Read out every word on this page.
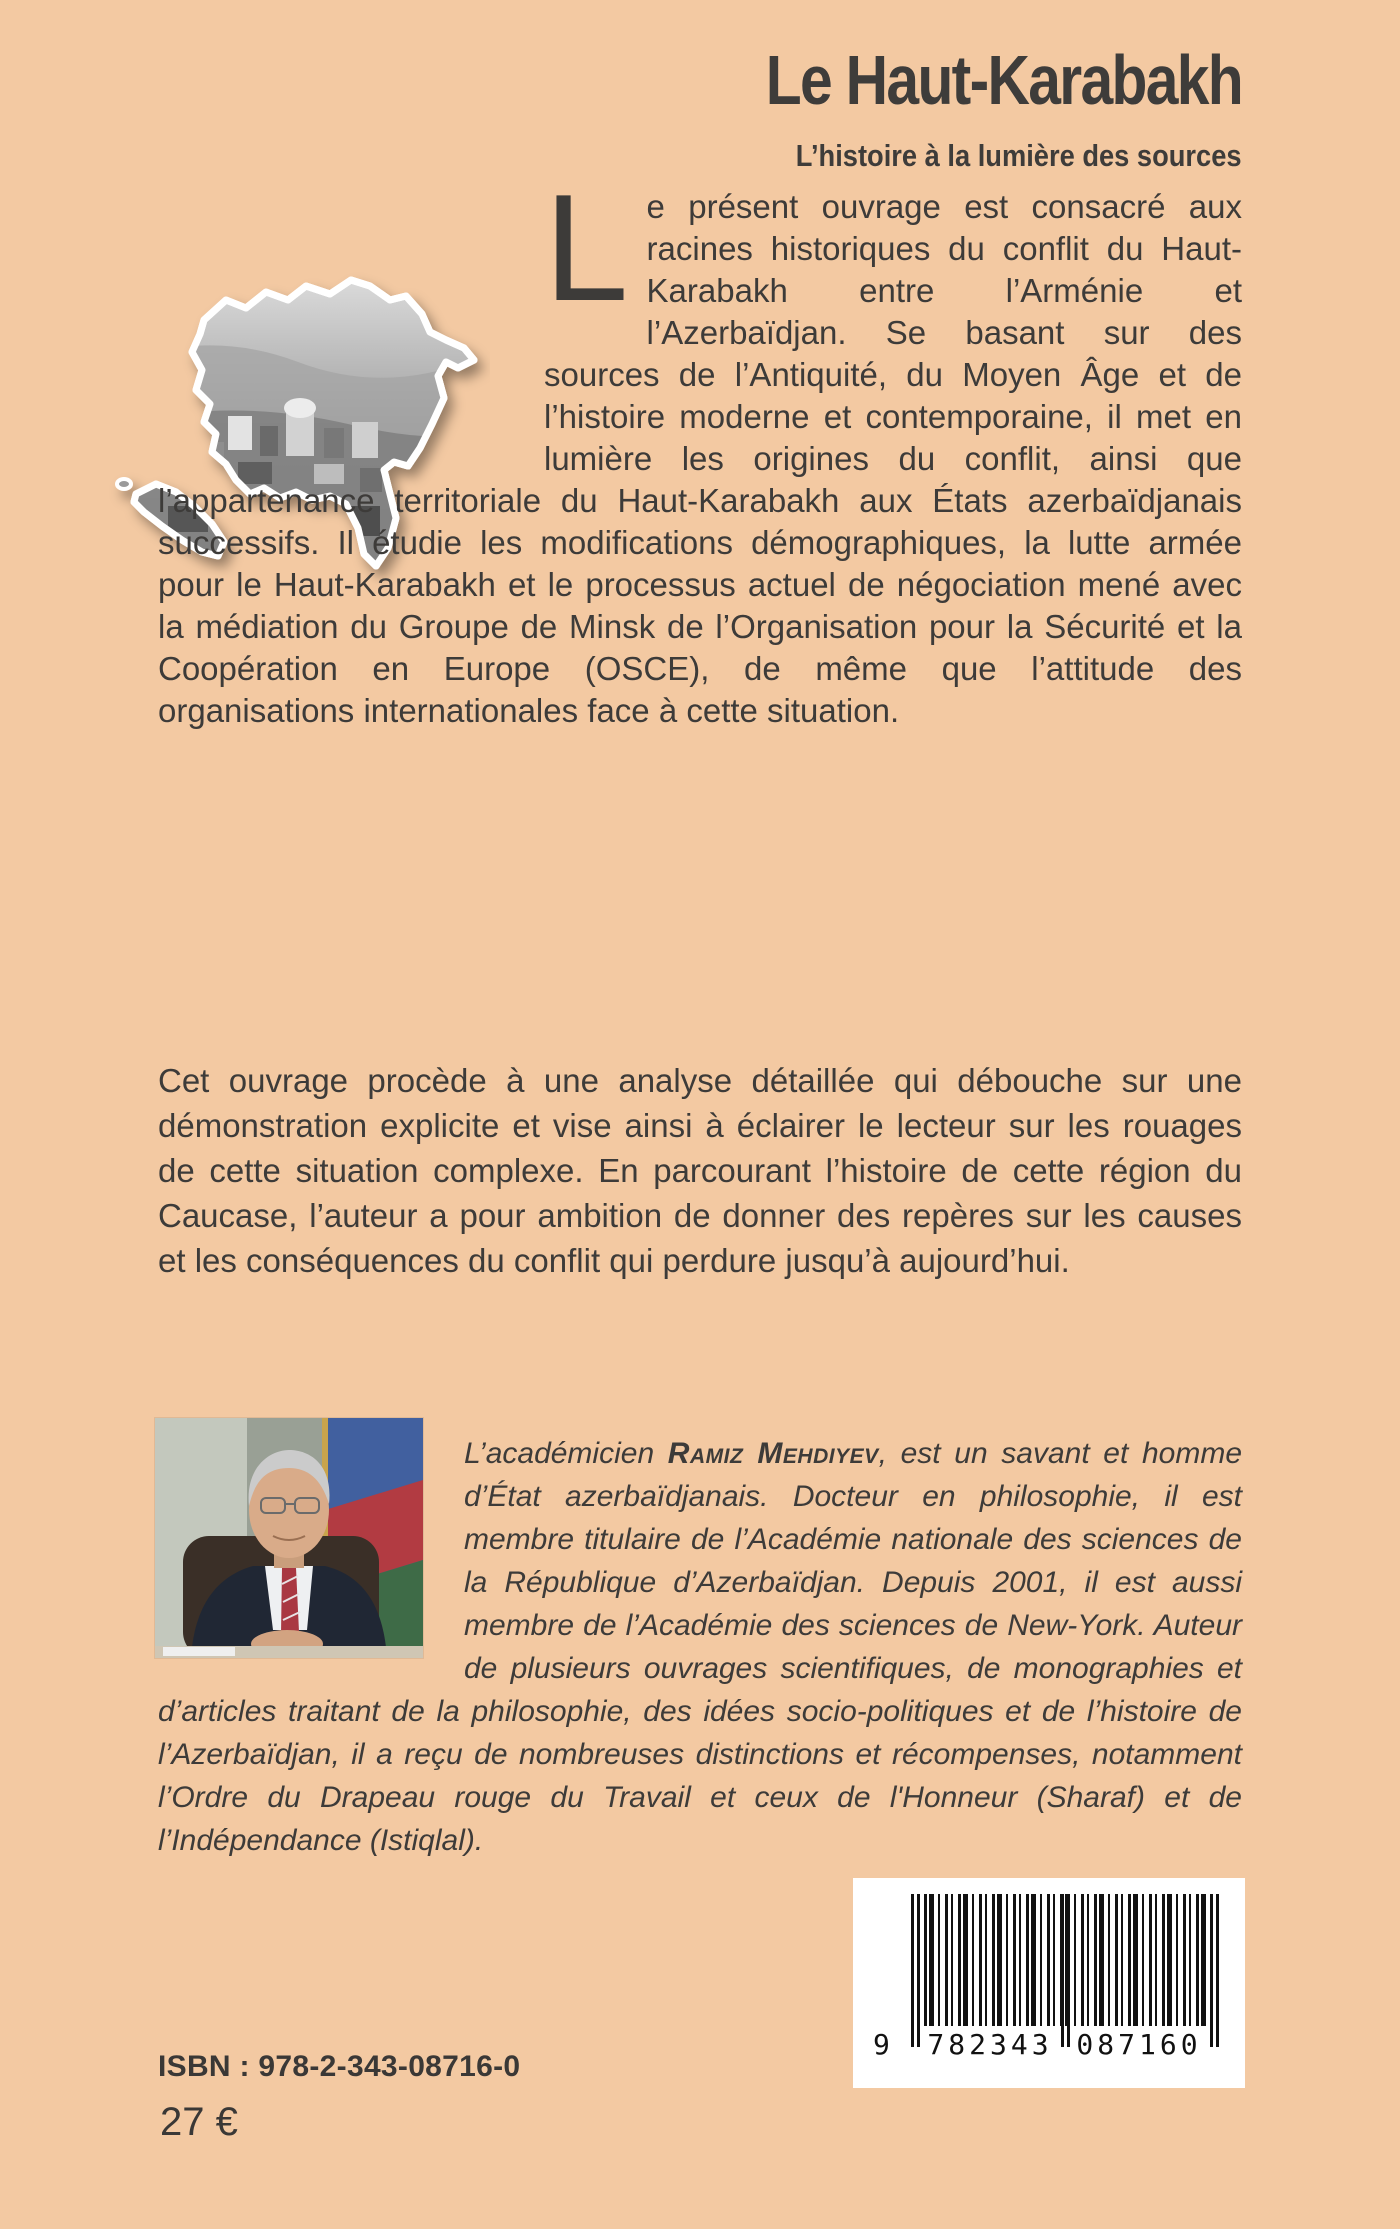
Le Haut-Karabakh
L’histoire à la lumière des sources
L e présent ouvrage est consacré aux racines historiques du conflit du Haut-Karabakh entre l’Arménie et l’Azerbaïdjan. Se basant sur des sources de l’Antiquité, du Moyen Âge et de l’histoire moderne et contemporaine, il met en lumière les origines du conflit, ainsi que l’appartenance territoriale du Haut-Karabakh aux États azerbaïdjanais successifs. Il étudie les modifications démographiques, la lutte armée pour le Haut-Karabakh et le processus actuel de négociation mené avec la médiation du Groupe de Minsk de l’Organisation pour la Sécurité et la Coopération en Europe (OSCE), de même que l’attitude des organisations internationales face à cette situation.
Cet ouvrage procède à une analyse détaillée qui débouche sur une démonstration explicite et vise ainsi à éclairer le lecteur sur les rouages de cette situation complexe. En parcourant l’histoire de cette région du Caucase, l’auteur a pour ambition de donner des repères sur les causes et les conséquences du conflit qui perdure jusqu’à aujourd’hui.
L’académicien Ramiz Mehdiyev, est un savant et homme d’État azerbaïdjanais. Docteur en philosophie, il est membre titulaire de l’Académie nationale des sciences de la République d’Azerbaïdjan. Depuis 2001, il est aussi membre de l’Académie des sciences de New-York. Auteur de plusieurs ouvrages scientifiques, de monographies et d’articles traitant de la philosophie, des idées socio-politiques et de l’histoire de l’Azerbaïdjan, il a reçu de nombreuses distinctions et récompenses, notamment l’Ordre du Drapeau rouge du Travail et ceux de l'Honneur (Sharaf) et de l’Indépendance (Istiqlal).
9 782343 087160
ISBN : 978-2-343-08716-0
27 €
